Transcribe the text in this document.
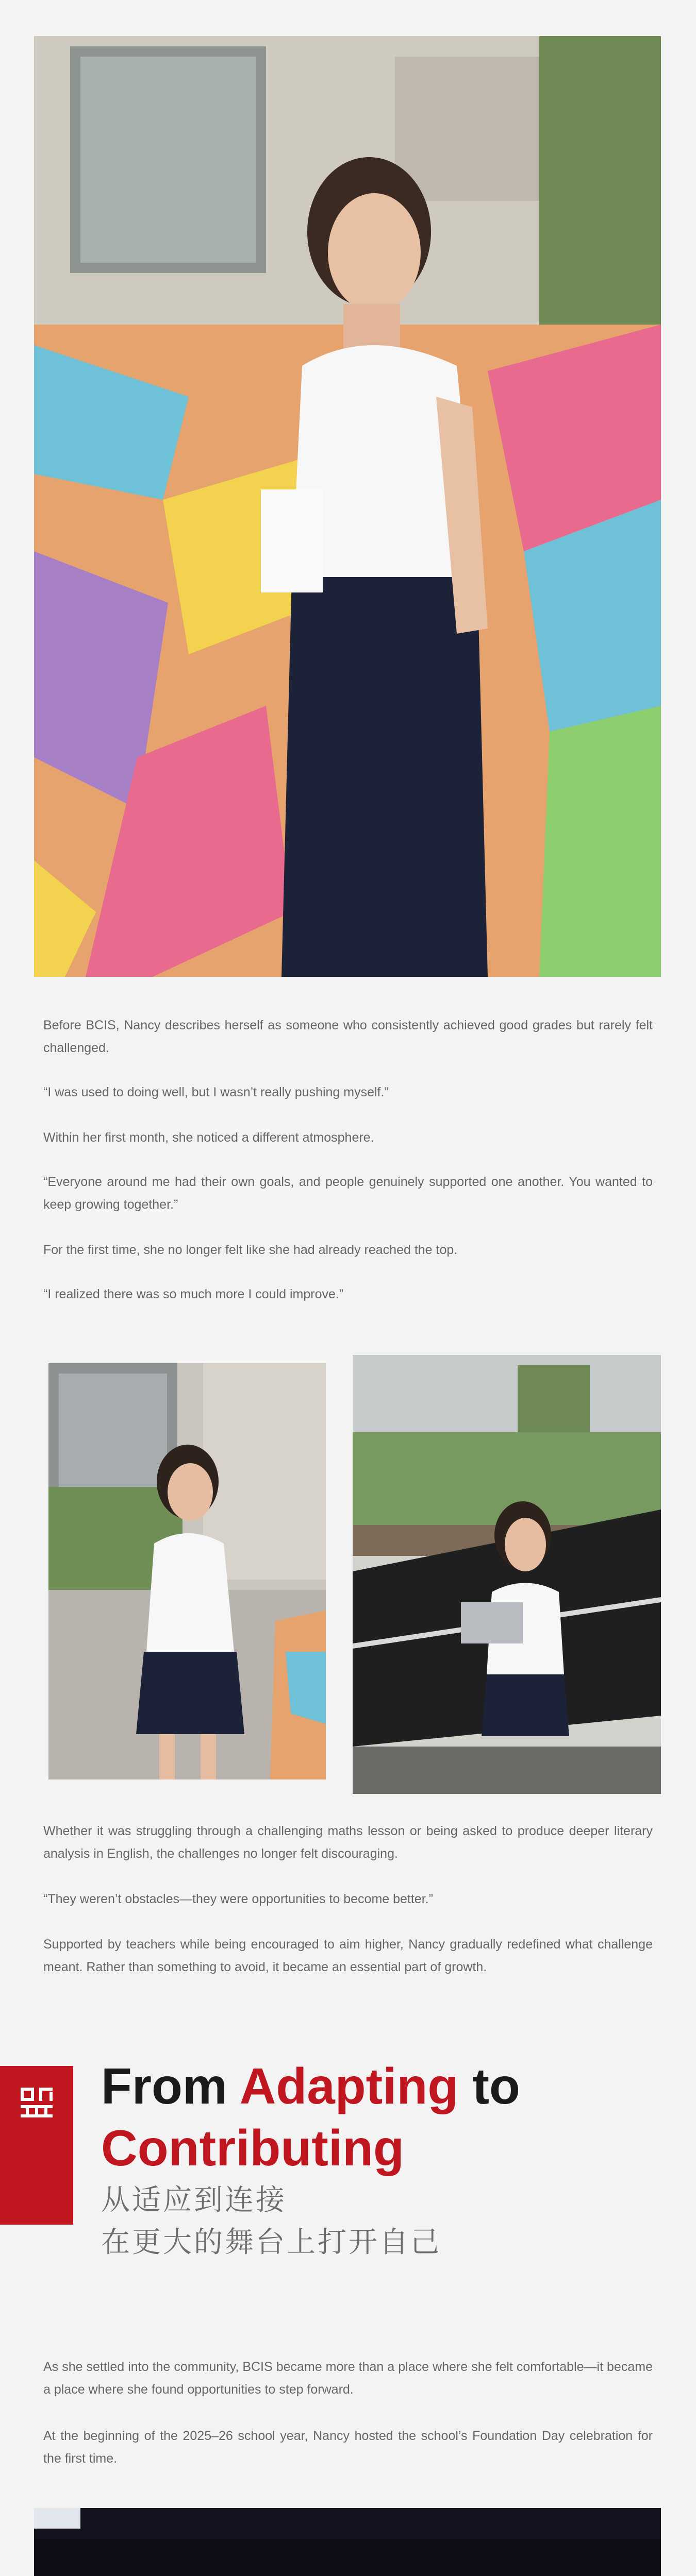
Before BCIS, Nancy describes herself as someone who consistently achieved good grades but rarely felt challenged.

“I was used to doing well, but I wasn’t really pushing myself.”

Within her first month, she noticed a different atmosphere.

“Everyone around me had their own goals, and people genuinely supported one another. You wanted to keep growing together.”

For the first time, she no longer felt like she had already reached the top.

“I realized there was so much more I could improve.”

Whether it was struggling through a challenging maths lesson or being asked to produce deeper literary analysis in English, the challenges no longer felt discouraging.

“They weren’t obstacles—they were opportunities to become better.”

Supported by teachers while being encouraged to aim higher, Nancy gradually redefined what challenge meant. Rather than something to avoid, it became an essential part of growth.

From Adapting to
Contributing
从适应到连接
在更大的舞台上打开自己

As she settled into the community, BCIS became more than a place where she felt comfortable—it became a place where she found opportunities to step forward.

At the beginning of the 2025–26 school year, Nancy hosted the school’s Foundation Day celebration for the first time.
